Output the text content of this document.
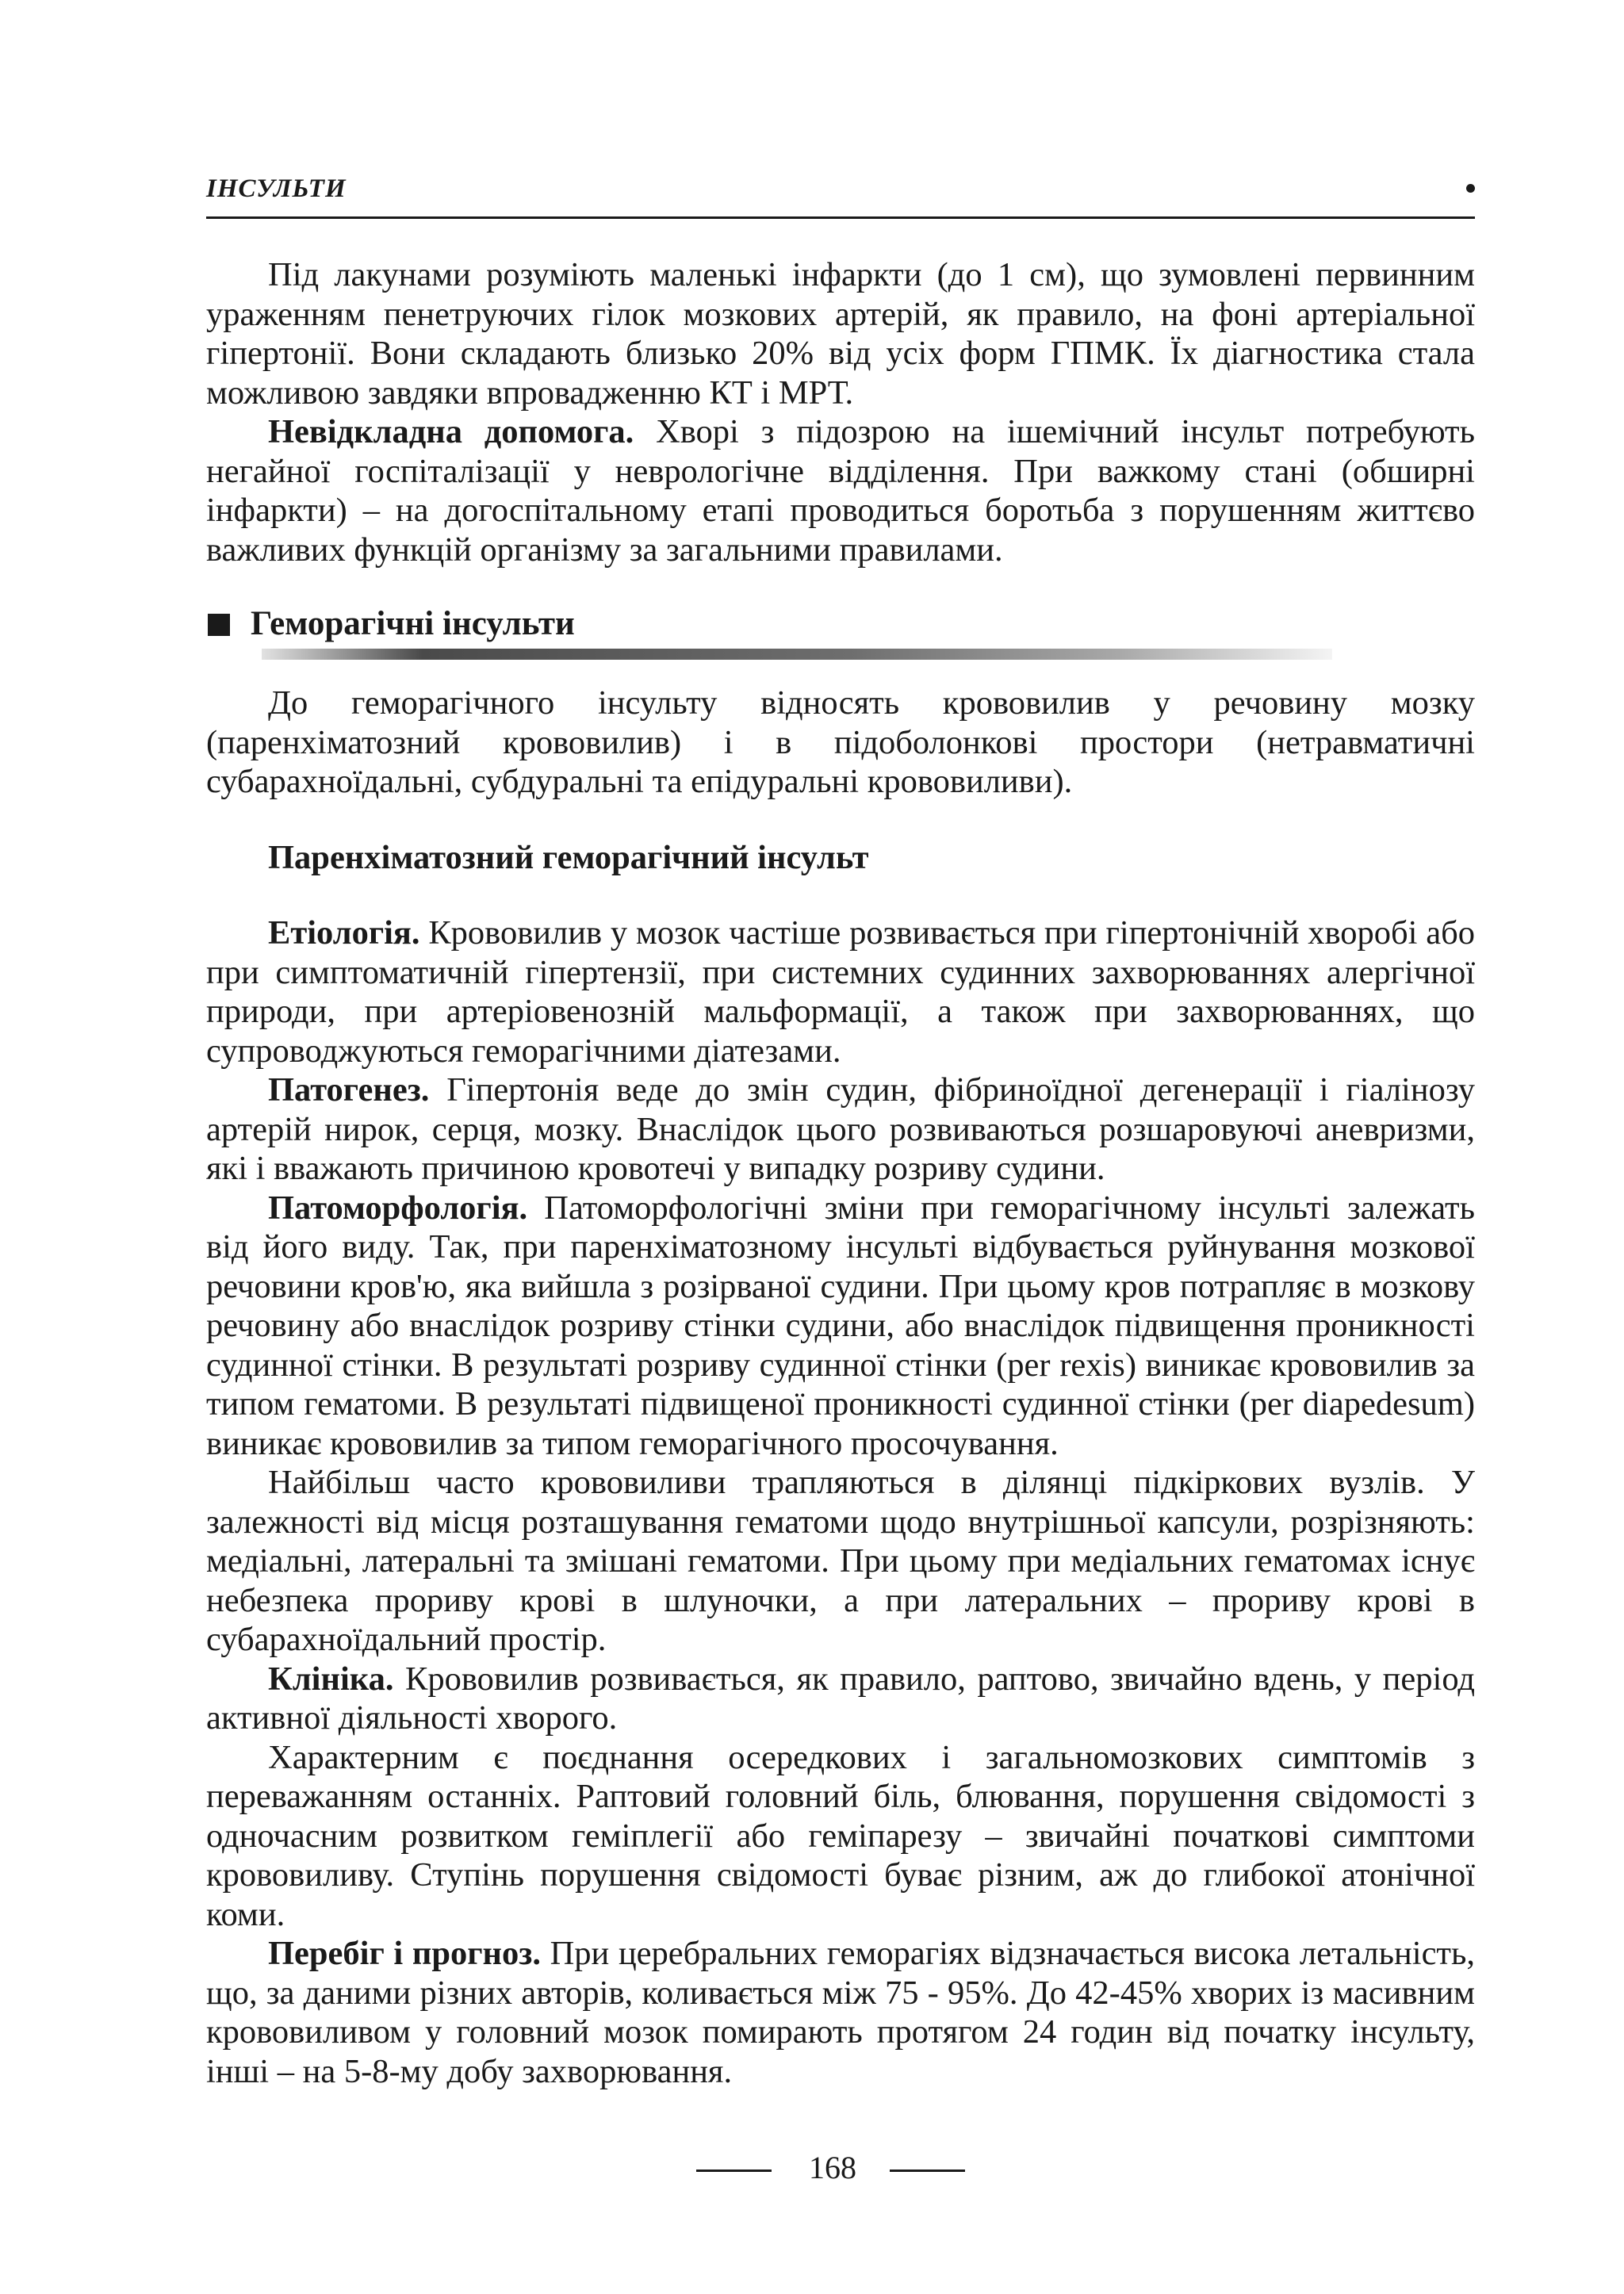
ІНСУЛЬТИ

Під лакунами розуміють маленькі інфаркти (до 1 см), що зумовлені первинним ураженням пенетруючих гілок мозкових артерій, як правило, на фоні артеріальної гіпертонії. Вони складають близько 20% від усіх форм ГПМК. Їх діагностика стала можливою завдяки впровадженню КТ і МРТ.

Невідкладна допомога. Хворі з підозрою на ішемічний інсульт потребують негайної госпіталізації у неврологічне відділення. При важкому стані (обширні інфаркти) – на догоспітальному етапі проводиться боротьба з порушенням життєво важливих функцій організму за загальними правилами.

Геморагічні інсульти

До геморагічного інсульту відносять крововилив у речовину мозку (паренхіматозний крововилив) і в підоболонкові простори (нетравматичні субарахноїдальні, субдуральні та епідуральні крововиливи).

Паренхіматозний геморагічний інсульт

Етіологія. Крововилив у мозок частіше розвивається при гіпертонічній хворобі або при симптоматичній гіпертензії, при системних судинних захворюваннях алергічної природи, при артеріовенозній мальформації, а також при захворюваннях, що супроводжуються геморагічними діатезами.

Патогенез. Гіпертонія веде до змін судин, фібриноїдної дегенерації і гіалінозу артерій нирок, серця, мозку. Внаслідок цього розвиваються розшаровуючі аневризми, які і вважають причиною кровотечі у випадку розриву судини.

Патоморфологія. Патоморфологічні зміни при геморагічному інсульті залежать від його виду. Так, при паренхіматозному інсульті відбувається руйнування мозкової речовини кров'ю, яка вийшла з розірваної судини. При цьому кров потрапляє в мозкову речовину або внаслідок розриву стінки судини, або внаслідок підвищення проникності судинної стінки. В результаті розриву судинної стінки (per rexis) виникає крововилив за типом гематоми. В результаті підвищеної проникності судинної стінки (per diapedesum) виникає крововилив за типом геморагічного просочування.

Найбільш часто крововиливи трапляються в ділянці підкіркових вузлів. У залежності від місця розташування гематоми щодо внутрішньої капсули, розрізняють: медіальні, латеральні та змішані гематоми. При цьому при медіальних гематомах існує небезпека прориву крові в шлуночки, а при латеральних – прориву крові в субарахноїдальний простір.

Клініка. Крововилив розвивається, як правило, раптово, звичайно вдень, у період активної діяльності хворого.

Характерним є поєднання осередкових і загальномозкових симптомів з переважанням останніх. Раптовий головний біль, блювання, порушення свідомості з одночасним розвитком геміплегії або геміпарезу – звичайні початкові симптоми крововиливу. Ступінь порушення свідомості буває різним, аж до глибокої атонічної коми.

Перебіг і прогноз. При церебральних геморагіях відзначається висока летальність, що, за даними різних авторів, коливається між 75 - 95%. До 42-45% хворих із масивним крововиливом у головний мозок помирають протягом 24 годин від початку інсульту, інші – на 5-8-му добу захворювання.

168
